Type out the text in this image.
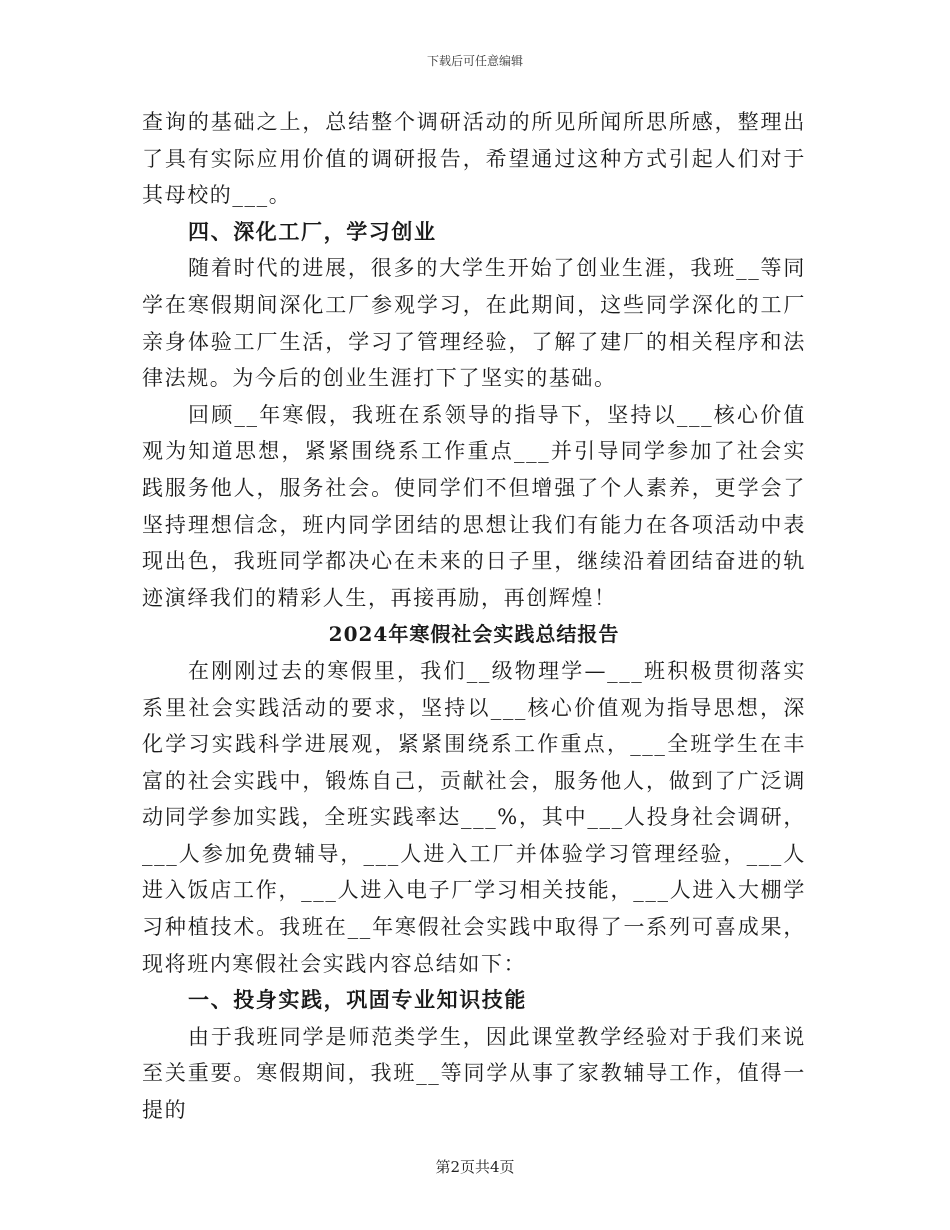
下载后可任意编辑

查询的基础之上，总结整个调研活动的所见所闻所思所感，整理出了具有实际应用价值的调研报告，希望通过这种方式引起人们对于其母校的___。

四、深化工厂，学习创业

随着时代的进展，很多的大学生开始了创业生涯，我班__等同学在寒假期间深化工厂参观学习，在此期间，这些同学深化的工厂亲身体验工厂生活，学习了管理经验，了解了建厂的相关程序和法律法规。为今后的创业生涯打下了坚实的基础。

回顾__年寒假，我班在系领导的指导下，坚持以___核心价值观为知道思想，紧紧围绕系工作重点___并引导同学参加了社会实践服务他人，服务社会。使同学们不但增强了个人素养，更学会了坚持理想信念，班内同学团结的思想让我们有能力在各项活动中表现出色，我班同学都决心在未来的日子里，继续沿着团结奋进的轨迹演绎我们的精彩人生，再接再励，再创辉煌！

2024年寒假社会实践总结报告

在刚刚过去的寒假里，我们__级物理学—___班积极贯彻落实系里社会实践活动的要求，坚持以___核心价值观为指导思想，深化学习实践科学进展观，紧紧围绕系工作重点，___全班学生在丰富的社会实践中，锻炼自己，贡献社会，服务他人，做到了广泛调动同学参加实践，全班实践率达___%，其中___人投身社会调研，___人参加免费辅导，___人进入工厂并体验学习管理经验，___人进入饭店工作，___人进入电子厂学习相关技能，___人进入大棚学习种植技术。我班在__年寒假社会实践中取得了一系列可喜成果，现将班内寒假社会实践内容总结如下：

一、投身实践，巩固专业知识技能

由于我班同学是师范类学生，因此课堂教学经验对于我们来说至关重要。寒假期间，我班__等同学从事了家教辅导工作，值得一提的

第2页共4页
